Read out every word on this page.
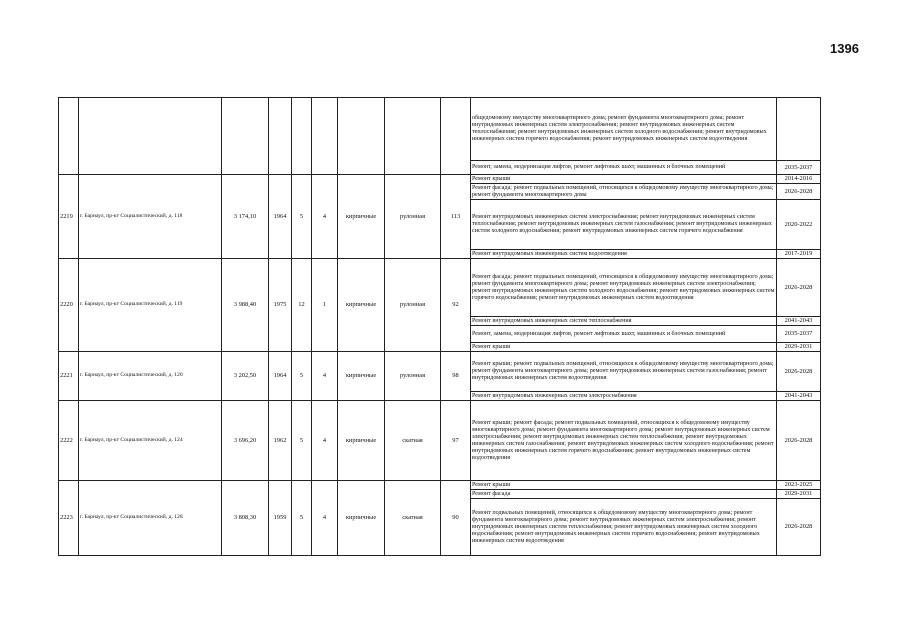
1396
									общедомовому имуществу многоквартирного дома; ремонт фундамента многоквартирного дома; ремонт внутридомовых инженерных систем электроснабжения; ремонт внутридомовых инженерных систем теплоснабжения; ремонт внутридомовых инженерных систем холодного водоснабжения; ремонт внутридомовых инженерных систем горячего водоснабжения; ремонт внутридомовых инженерных систем водоотведения	
									Ремонт, замена, модернизация лифтов, ремонт лифтовых шахт, машинных и блочных помещений	2035-2037
2219	г. Барнаул, пр-кт Социалистический, д. 118	3 174,10	1964	5	4	кирпичные	рулонная	113	Ремонт крыши	2014-2016
									Ремонт фасада; ремонт подвальных помещений, относящихся к общедомовому имуществу многоквартирного дома; ремонт фундамента многоквартирного дома	2026-2028
									Ремонт внутридомовых инженерных систем электроснабжения; ремонт внутридомовых инженерных систем теплоснабжения; ремонт внутридомовых инженерных систем газоснабжения; ремонт внутридомовых инженерных систем холодного водоснабжения; ремонт внутридомовых инженерных систем горячего водоснабжения	2020-2022
									Ремонт внутридомовых инженерных систем водоотведения	2017-2019
2220	г. Барнаул, пр-кт Социалистический, д. 119	3 988,40	1975	12	1	кирпичные	рулонная	92	Ремонт фасада; ремонт подвальных помещений, относящихся к общедомовому имуществу многоквартирного дома; ремонт фундамента многоквартирного дома; ремонт внутридомовых инженерных систем электроснабжения; ремонт внутридомовых инженерных систем холодного водоснабжения; ремонт внутридомовых инженерных систем горячего водоснабжения; ремонт внутридомовых инженерных систем водоотведения	2026-2028
									Ремонт внутридомовых инженерных систем теплоснабжения	2041-2043
									Ремонт, замена, модернизация лифтов, ремонт лифтовых шахт, машинных и блочных помещений	2035-2037
									Ремонт крыши	2029-2031
2221	г. Барнаул, пр-кт Социалистический, д. 120	3 202,50	1964	5	4	кирпичные	рулонная	98	Ремонт крыши; ремонт подвальных помещений, относящихся к общедомовому имуществу многоквартирного дома; ремонт фундамента многоквартирного дома; ремонт внутридомовых инженерных систем газоснабжения; ремонт внутридомовых инженерных систем водоотведения	2026-2028
									Ремонт внутридомовых инженерных систем электроснабжения	2041-2043
2222	г. Барнаул, пр-кт Социалистический, д. 124	3 696,20	1962	5	4	кирпичные	скатная	97	Ремонт крыши; ремонт фасада; ремонт подвальных помещений, относящихся к общедомовому имуществу многоквартирного дома; ремонт фундамента многоквартирного дома; ремонт внутридомовых инженерных систем электроснабжения; ремонт внутридомовых инженерных систем теплоснабжения; ремонт внутридомовых инженерных систем газоснабжения; ремонт внутридомовых инженерных систем холодного водоснабжения; ремонт внутридомовых инженерных систем горячего водоснабжения; ремонт внутридомовых инженерных систем водоотведения	2026-2028
2223	г. Барнаул, пр-кт Социалистический, д. 128	3 808,30	1959	5	4	кирпичные	скатная	90	Ремонт крыши	2023-2025
									Ремонт фасада	2029-2031
									Ремонт подвальных помещений, относящихся к общедомовому имуществу многоквартирного дома; ремонт фундамента многоквартирного дома; ремонт внутридомовых инженерных систем электроснабжения; ремонт внутридомовых инженерных систем теплоснабжения; ремонт внутридомовых инженерных систем холодного водоснабжения; ремонт внутридомовых инженерных систем горячего водоснабжения; ремонт внутридомовых инженерных систем водоотведения	2026-2028
